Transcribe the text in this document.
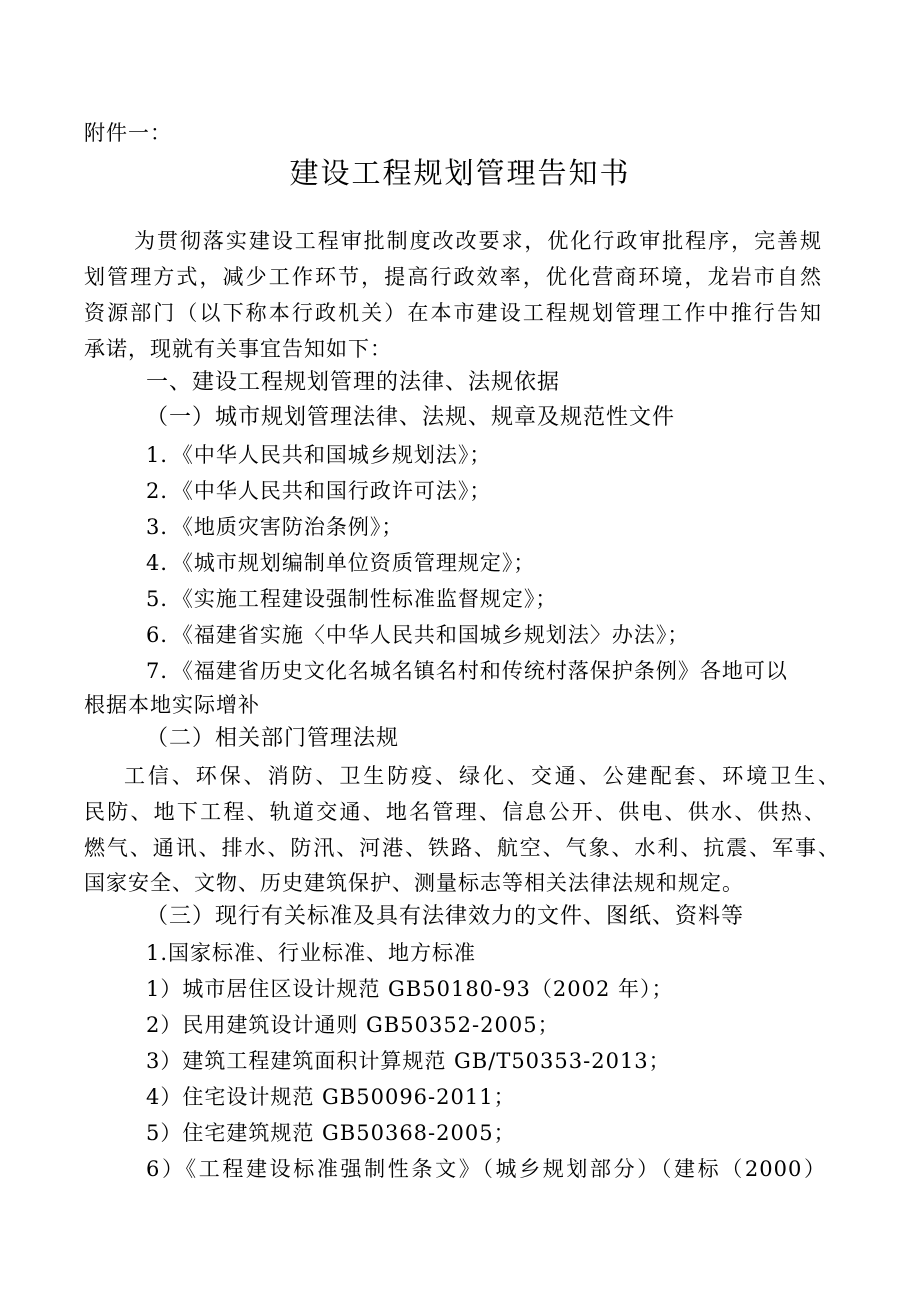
附件一：
建设工程规划管理告知书
为贯彻落实建设工程审批制度改改要求，优化行政审批程序，完善规
划管理方式，减少工作环节，提高行政效率，优化营商环境，龙岩市自然
资源部门（以下称本行政机关）在本市建设工程规划管理工作中推行告知
承诺，现就有关事宜告知如下：
一、建设工程规划管理的法律、法规依据
（一）城市规划管理法律、法规、规章及规范性文件
1．《中华人民共和国城乡规划法》；
2．《中华人民共和国行政许可法》；
3．《地质灾害防治条例》；
4．《城市规划编制单位资质管理规定》；
5．《实施工程建设强制性标准监督规定》；
6．《福建省实施〈中华人民共和国城乡规划法〉办法》；
7．《福建省历史文化名城名镇名村和传统村落保护条例》各地可以
根据本地实际增补
（二）相关部门管理法规
工信、环保、消防、卫生防疫、绿化、交通、公建配套、环境卫生、
民防、地下工程、轨道交通、地名管理、信息公开、供电、供水、供热、
燃气、通讯、排水、防汛、河港、铁路、航空、气象、水利、抗震、军事、
国家安全、文物、历史建筑保护、测量标志等相关法律法规和规定。
（三）现行有关标准及具有法律效力的文件、图纸、资料等
1.国家标准、行业标准、地方标准
1）城市居住区设计规范 GB50180-93（2002 年）；
2）民用建筑设计通则 GB50352-2005；
3）建筑工程建筑面积计算规范 GB/T50353-2013；
4）住宅设计规范 GB50096-2011；
5）住宅建筑规范 GB50368-2005；
6）《工程建设标准强制性条文》（城乡规划部分）（建标（2000）
